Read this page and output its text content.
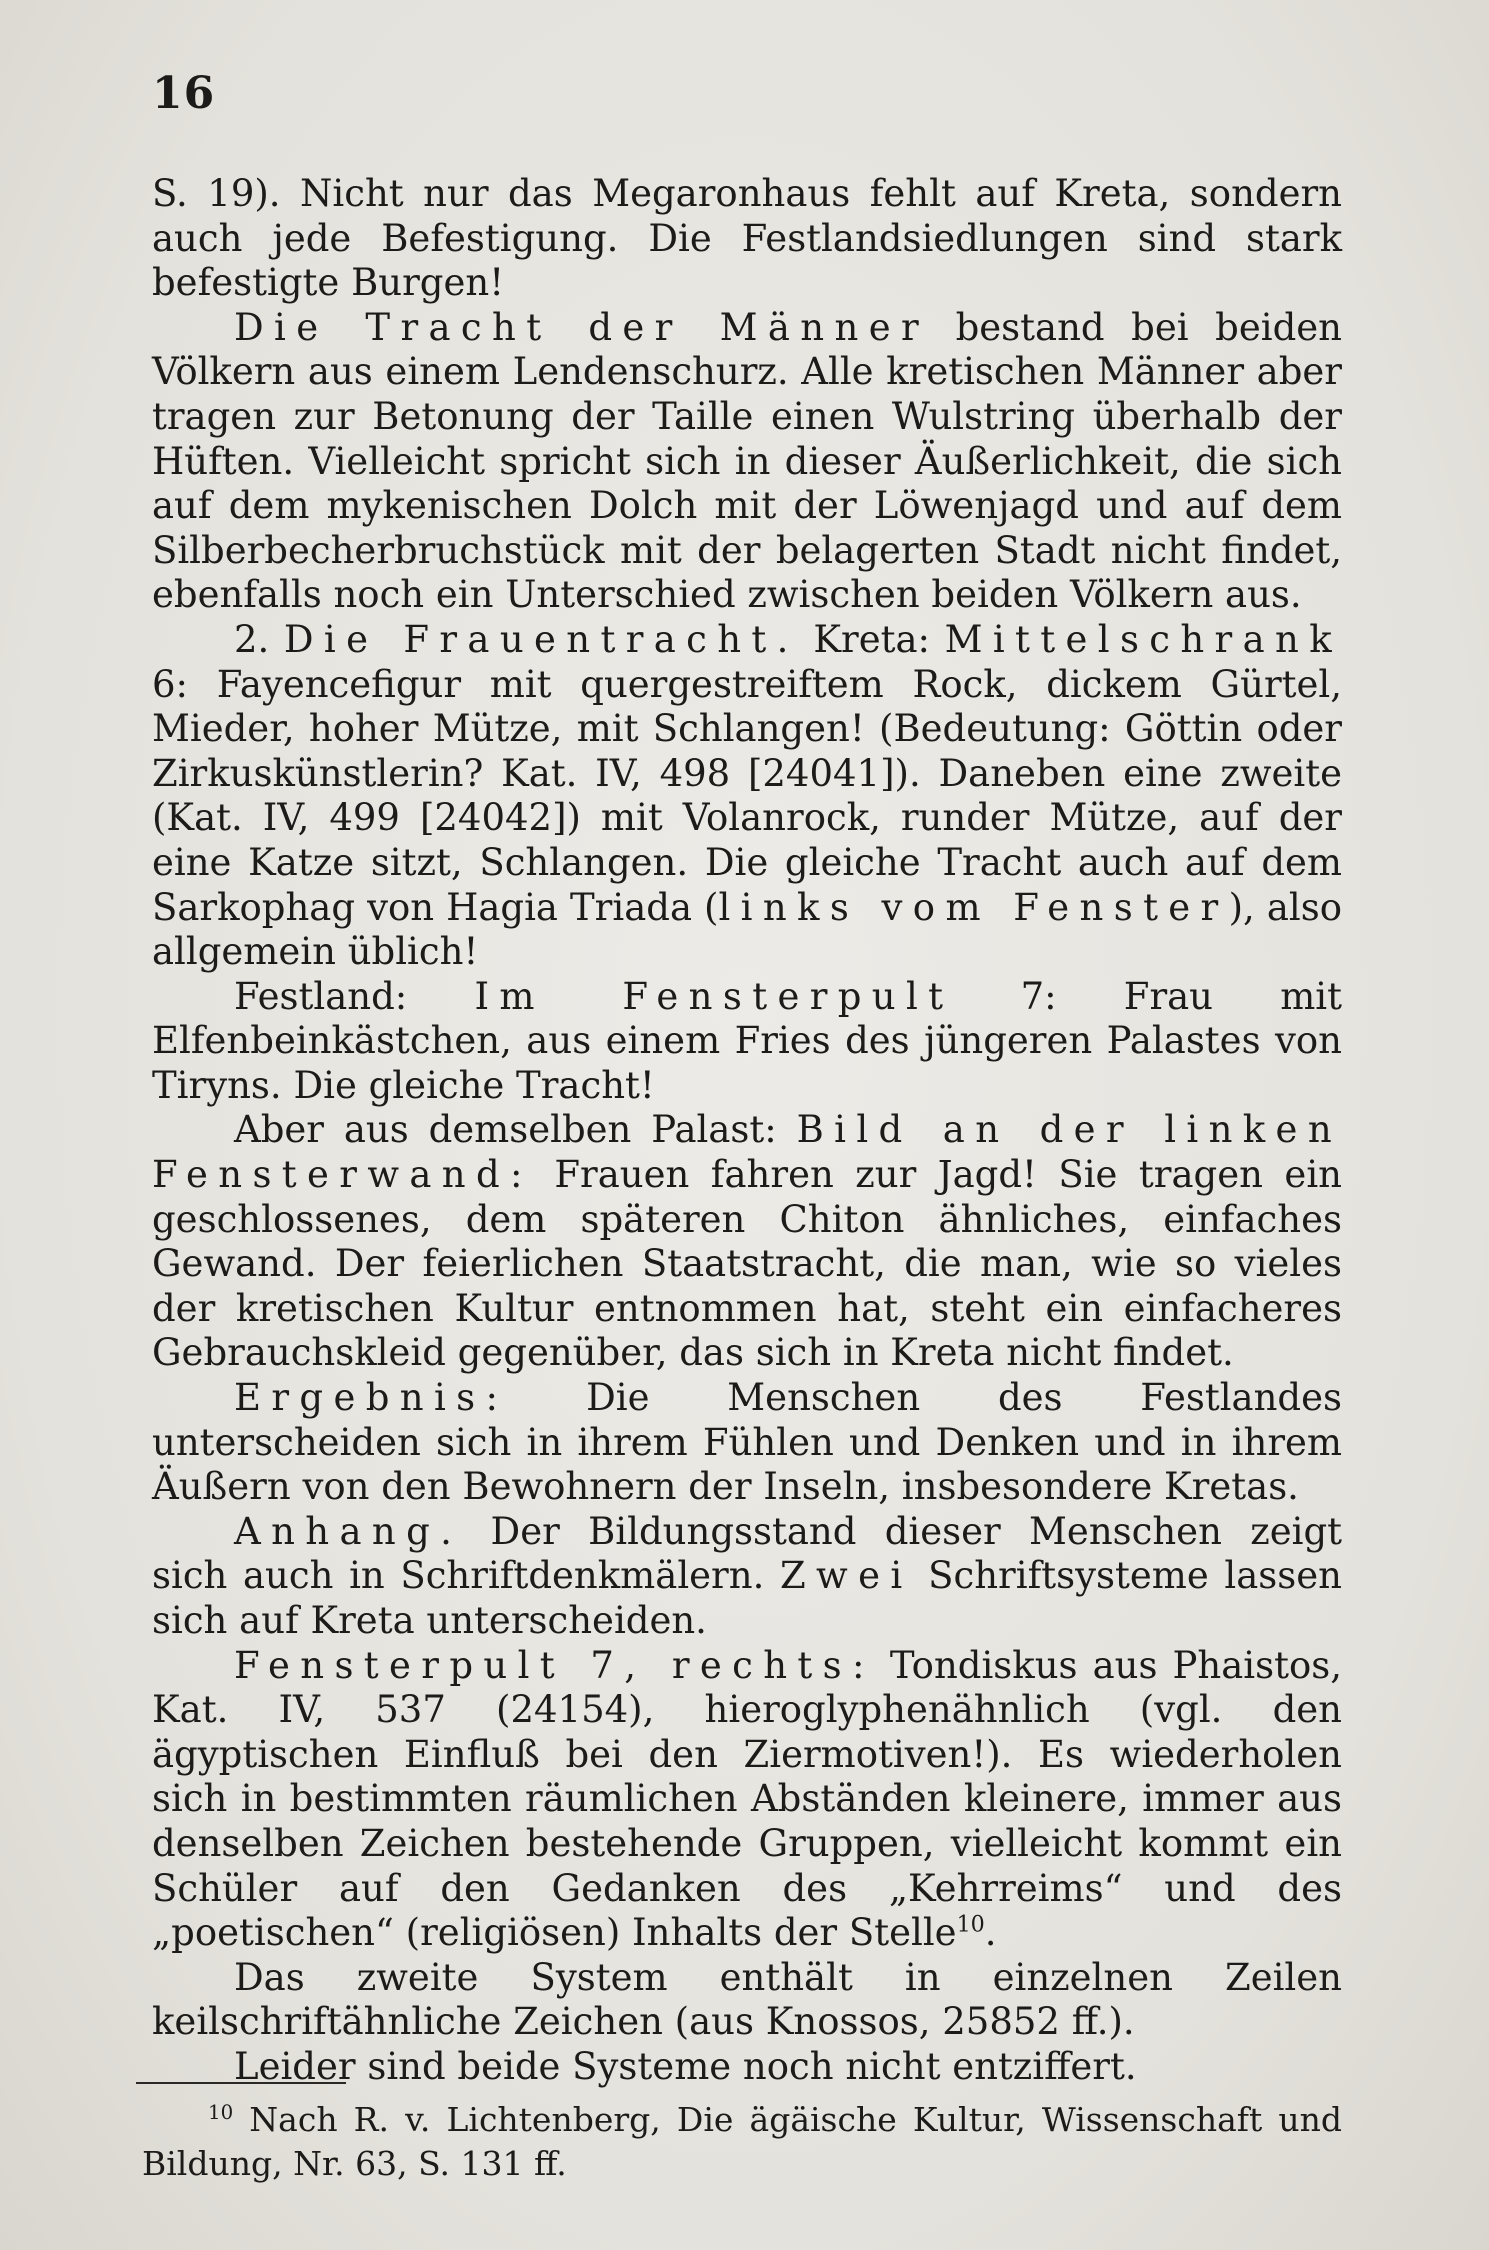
16

S. 19). Nicht nur das Megaronhaus fehlt auf Kreta, sondern auch jede Befestigung. Die Festlandsiedlungen sind stark befestigte Burgen!

Die Tracht der Männer bestand bei beiden Völkern aus einem Lendenschurz. Alle kretischen Männer aber tragen zur Betonung der Taille einen Wulstring überhalb der Hüften. Vielleicht spricht sich in dieser Äußerlichkeit, die sich auf dem mykenischen Dolch mit der Löwenjagd und auf dem Silberbecherbruchstück mit der belagerten Stadt nicht findet, ebenfalls noch ein Unterschied zwischen beiden Völkern aus.

2. Die Frauentracht. Kreta: Mittelschrank 6: Fayencefigur mit quergestreiftem Rock, dickem Gürtel, Mieder, hoher Mütze, mit Schlangen! (Bedeutung: Göttin oder Zirkuskünstlerin? Kat. IV, 498 [24041]). Daneben eine zweite (Kat. IV, 499 [24042]) mit Volanrock, runder Mütze, auf der eine Katze sitzt, Schlangen. Die gleiche Tracht auch auf dem Sarkophag von Hagia Triada (links vom Fenster), also allgemein üblich!

Festland: Im Fensterpult 7: Frau mit Elfenbeinkästchen, aus einem Fries des jüngeren Palastes von Tiryns. Die gleiche Tracht!

Aber aus demselben Palast: Bild an der linken Fensterwand: Frauen fahren zur Jagd! Sie tragen ein geschlossenes, dem späteren Chiton ähnliches, einfaches Gewand. Der feierlichen Staatstracht, die man, wie so vieles der kretischen Kultur entnommen hat, steht ein einfacheres Gebrauchskleid gegenüber, das sich in Kreta nicht findet.

Ergebnis: Die Menschen des Festlandes unterscheiden sich in ihrem Fühlen und Denken und in ihrem Äußern von den Bewohnern der Inseln, insbesondere Kretas.

Anhang. Der Bildungsstand dieser Menschen zeigt sich auch in Schriftdenkmälern. Zwei Schriftsysteme lassen sich auf Kreta unterscheiden.

Fensterpult 7, rechts: Tondiskus aus Phaistos, Kat. IV, 537 (24154), hieroglyphenähnlich (vgl. den ägyptischen Einfluß bei den Ziermotiven!). Es wiederholen sich in bestimmten räumlichen Abständen kleinere, immer aus denselben Zeichen bestehende Gruppen, vielleicht kommt ein Schüler auf den Gedanken des „Kehrreims“ und des „poetischen“ (religiösen) Inhalts der Stelle$^{10}$.

Das zweite System enthält in einzelnen Zeilen keilschriftähnliche Zeichen (aus Knossos, 25852 ff.).

Leider sind beide Systeme noch nicht entziffert.

$^{10}$ Nach R. v. Lichtenberg, Die ägäische Kultur, Wissenschaft und Bildung, Nr. 63, S. 131 ff.
